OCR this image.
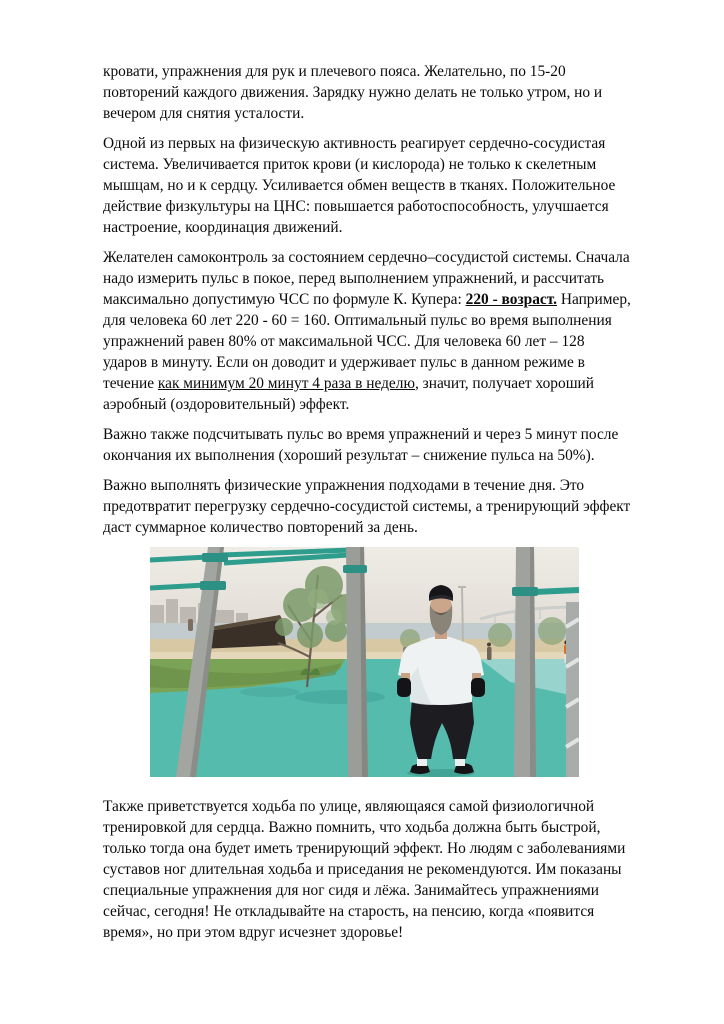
кровати, упражнения для рук и плечевого пояса. Желательно, по 15-20 повторений каждого движения. Зарядку нужно делать не только утром, но и вечером для снятия усталости.

Одной из первых на физическую активность реагирует сердечно-сосудистая система. Увеличивается приток крови (и кислорода) не только к скелетным мышцам, но и к сердцу. Усиливается обмен веществ в тканях. Положительное действие физкультуры на ЦНС: повышается работоспособность, улучшается настроение, координация движений.

Желателен самоконтроль за состоянием сердечно–сосудистой системы. Сначала надо измерить пульс в покое, перед выполнением упражнений, и рассчитать максимально допустимую ЧСС по формуле К. Купера: 220 - возраст. Например, для человека 60 лет 220 - 60 = 160. Оптимальный пульс во время выполнения упражнений равен 80% от максимальной ЧСС. Для человека 60 лет – 128 ударов в минуту. Если он доводит и удерживает пульс в данном режиме в течение как минимум 20 минут 4 раза в неделю, значит, получает хороший аэробный (оздоровительный) эффект.

Важно также подсчитывать пульс во время упражнений и через 5 минут после окончания их выполнения (хороший результат – снижение пульса на 50%).

Важно выполнять физические упражнения подходами в течение дня. Это предотвратит перегрузку сердечно-сосудистой системы, а тренирующий эффект даст суммарное количество повторений за день.

Также приветствуется ходьба по улице, являющаяся самой физиологичной тренировкой для сердца. Важно помнить, что ходьба должна быть быстрой, только тогда она будет иметь тренирующий эффект. Но людям с заболеваниями суставов ног длительная ходьба и приседания не рекомендуются. Им показаны специальные упражнения для ног сидя и лёжа. Занимайтесь упражнениями сейчас, сегодня! Не откладывайте на старость, на пенсию, когда «появится время», но при этом вдруг исчезнет здоровье!
